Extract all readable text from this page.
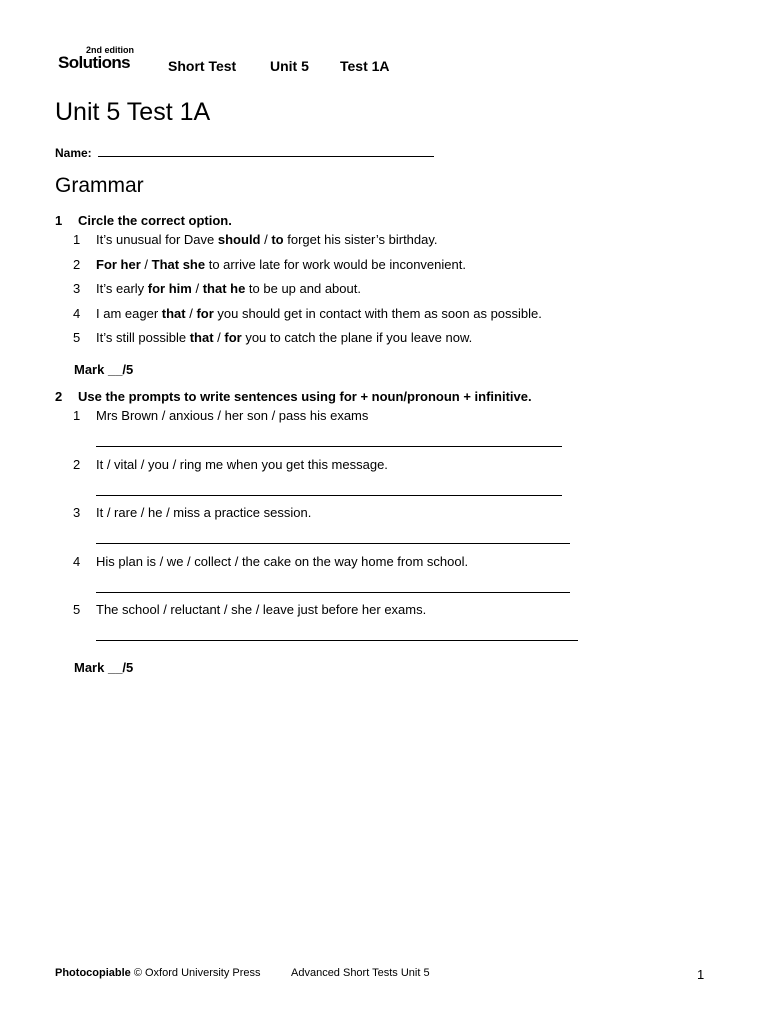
2nd edition
Solutions	Short Test Unit 5 Test 1A
Unit 5 Test 1A
Name:
Grammar
1 Circle the correct option.
1 It’s unusual for Dave should / to forget his sister’s birthday.
2 For her / That she to arrive late for work would be inconvenient.
3 It’s early for him / that he to be up and about.
4 I am eager that / for you should get in contact with them as soon as possible.
5 It’s still possible that / for you to catch the plane if you leave now.
Mark __/5
2 Use the prompts to write sentences using for + noun/pronoun + infinitive.
1 Mrs Brown / anxious / her son / pass his exams
2 It / vital / you / ring me when you get this message.
3 It / rare / he / miss a practice session.
4 His plan is / we / collect / the cake on the way home from school.
5 The school / reluctant / she / leave just before her exams.
Mark __/5
Photocopiable © Oxford University Press	Advanced Short Tests Unit 5	1
